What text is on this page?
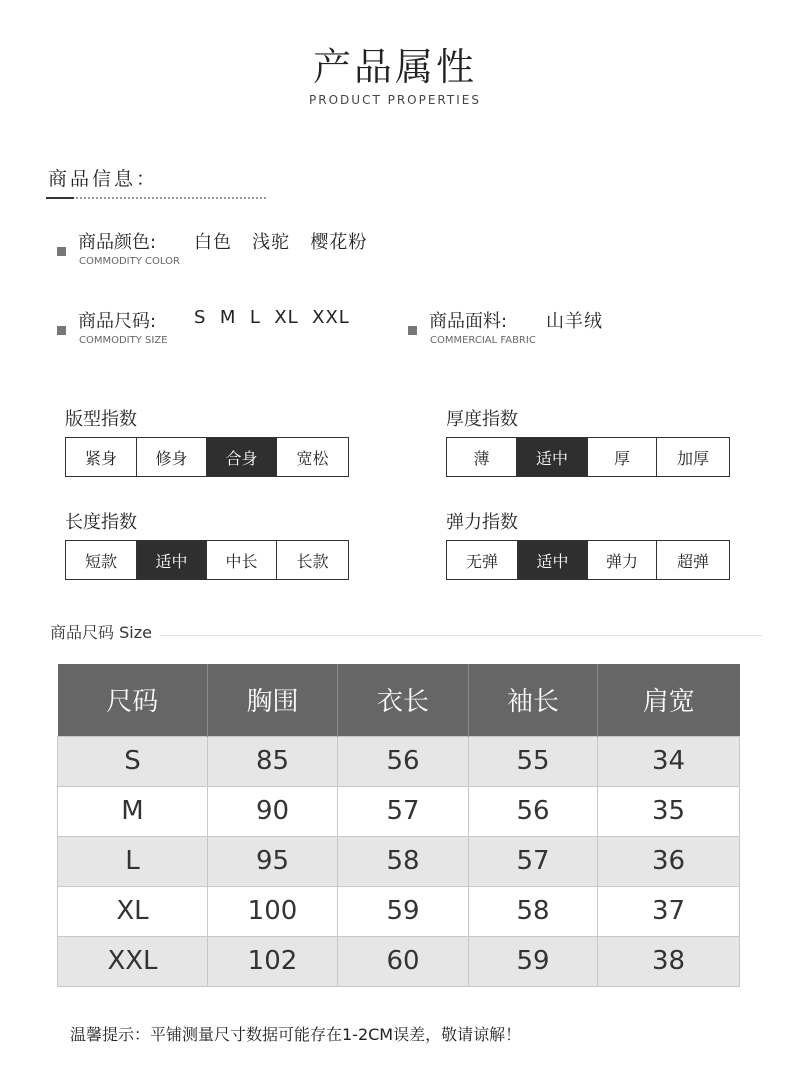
产品属性
PRODUCT PROPERTIES
商品信息：
商品颜色:
COMMODITY COLOR
白色   浅驼   樱花粉
商品尺码:
COMMODITY SIZE
S  M  L  XL  XXL	商品面料:
COMMERCIAL FABRIC
山羊绒
版型指数
紧身	修身	合身	宽松
厚度指数
薄	适中	厚	加厚
长度指数
短款	适中	中长	长款
弹力指数
无弹	适中	弹力	超弹
商品尺码 Size
尺码	胸围	衣长	袖长	肩宽
S	85	56	55	34
M	90	57	56	35
L	95	58	57	36
XL	100	59	58	37
XXL	102	60	59	38
温馨提示：平铺测量尺寸数据可能存在1-2CM误差，敬请谅解！
